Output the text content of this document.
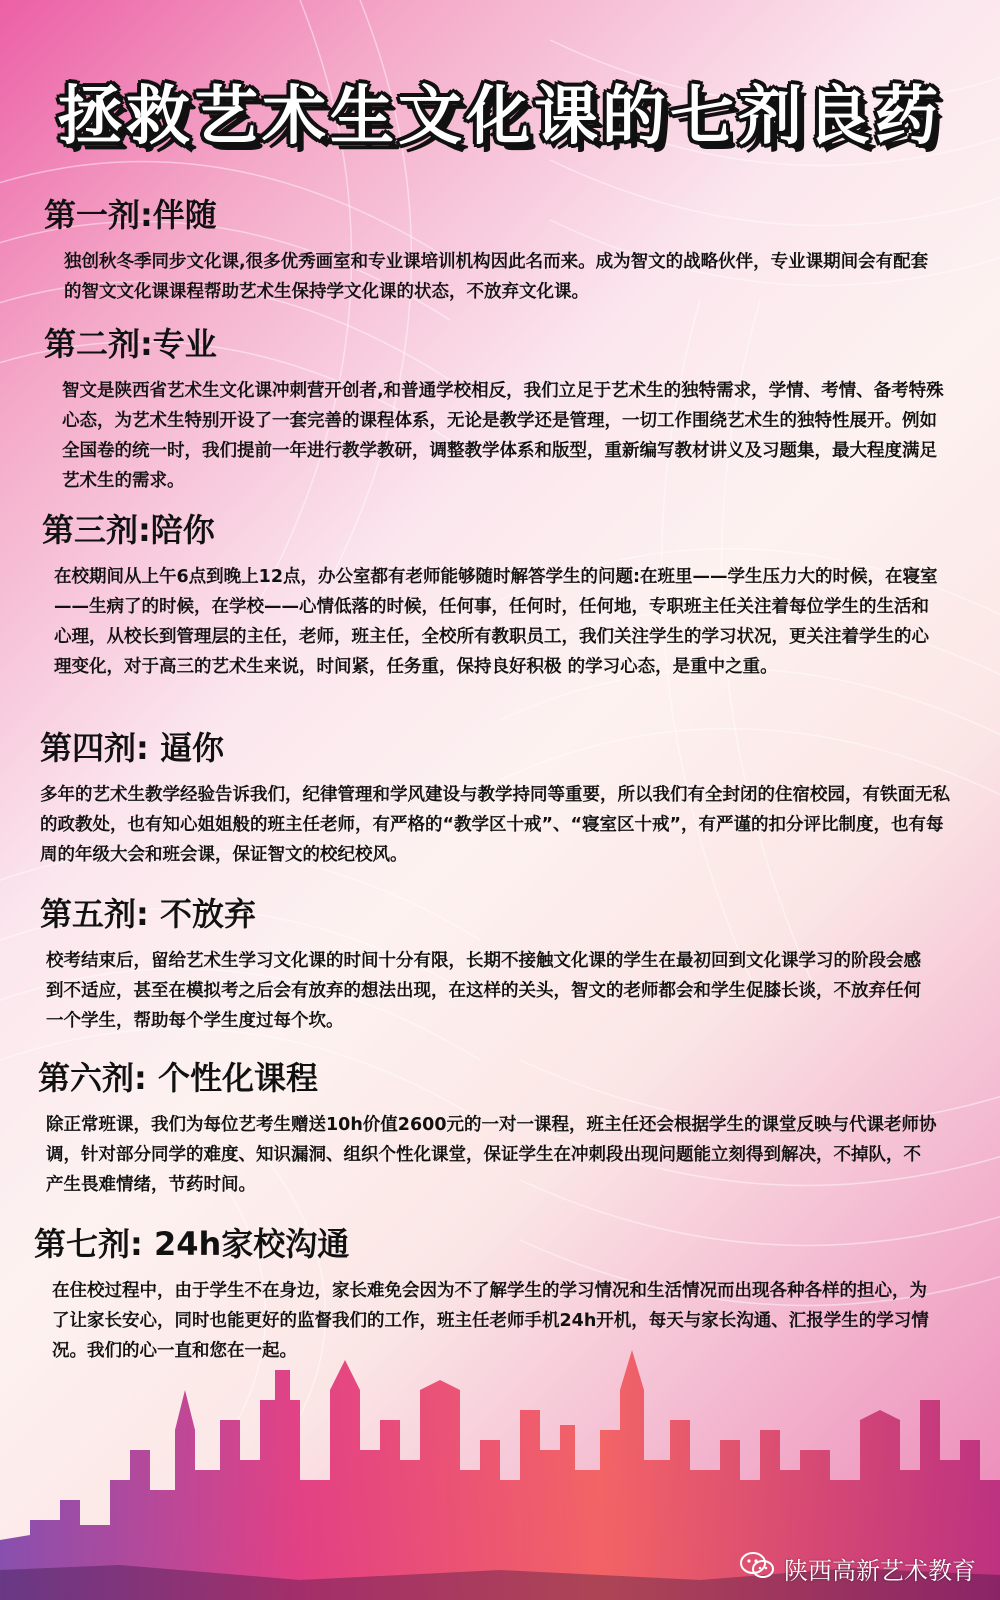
拯救艺术生文化课的七剂良药
第一剂:伴随

独创秋冬季同步文化课,很多优秀画室和专业课培训机构因此名而来。成为智文的战略伙伴，专业课期间会有配套的智文文化课课程帮助艺术生保持学文化课的状态，不放弃文化课。

第二剂:专业

智文是陕西省艺术生文化课冲刺营开创者,和普通学校相反，我们立足于艺术生的独特需求，学情、考情、备考特殊心态，为艺术生特别开设了一套完善的课程体系，无论是教学还是管理，一切工作围绕艺术生的独特性展开。例如全国卷的统一时，我们提前一年进行教学教研，调整教学体系和版型，重新编写教材讲义及习题集，最大程度满足艺术生的需求。

第三剂:陪你

在校期间从上午6点到晚上12点，办公室都有老师能够随时解答学生的问题:在班里——学生压力大的时候，在寝室——生病了的时候，在学校——心情低落的时候，任何事，任何时，任何地，专职班主任关注着每位学生的生活和心理，从校长到管理层的主任，老师，班主任，全校所有教职员工，我们关注学生的学习状况，更关注着学生的心理变化，对于高三的艺术生来说，时间紧，任务重，保持良好积极 的学习心态，是重中之重。

第四剂: 逼你

多年的艺术生教学经验告诉我们，纪律管理和学风建设与教学持同等重要，所以我们有全封闭的住宿校园，有铁面无私的政教处，也有知心姐姐般的班主任老师，有严格的“教学区十戒”、“寝室区十戒”，有严谨的扣分评比制度，也有每周的年级大会和班会课，保证智文的校纪校风。

第五剂: 不放弃

校考结束后，留给艺术生学习文化课的时间十分有限，长期不接触文化课的学生在最初回到文化课学习的阶段会感到不适应，甚至在模拟考之后会有放弃的想法出现，在这样的关头，智文的老师都会和学生促膝长谈，不放弃任何一个学生，帮助每个学生度过每个坎。

第六剂: 个性化课程

除正常班课，我们为每位艺考生赠送10h价值2600元的一对一课程，班主任还会根据学生的课堂反映与代课老师协调，针对部分同学的难度、知识漏洞、组织个性化课堂，保证学生在冲刺段出现问题能立刻得到解决，不掉队，不产生畏难情绪，节药时间。

第七剂: 24h家校沟通

在住校过程中，由于学生不在身边，家长难免会因为不了解学生的学习情况和生活情况而出现各种各样的担心，为了让家长安心，同时也能更好的监督我们的工作，班主任老师手机24h开机，每天与家长沟通、汇报学生的学习情况。我们的心一直和您在一起。

陕西高新艺术教育
